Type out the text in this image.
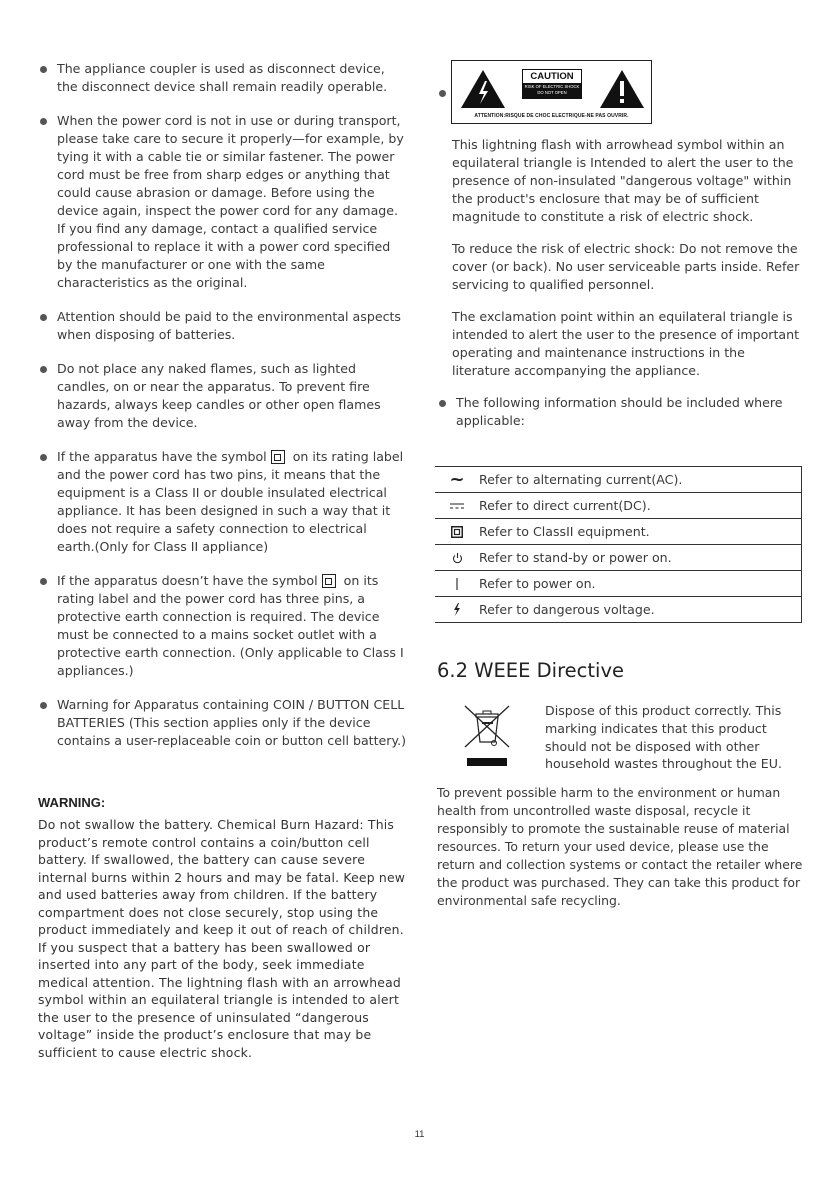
The appliance coupler is used as disconnect device, the disconnect device shall remain readily operable.
When the power cord is not in use or during transport, please take care to secure it properly—for example, by tying it with a cable tie or similar fastener. The power cord must be free from sharp edges or anything that could cause abrasion or damage. Before using the device again, inspect the power cord for any damage. If you find any damage, contact a qualified service professional to replace it with a power cord specified by the manufacturer or one with the same characteristics as the original.
Attention should be paid to the environmental aspects when disposing of batteries.
Do not place any naked flames, such as lighted candles, on or near the apparatus. To prevent fire hazards, always keep candles or other open flames away from the device.
If the apparatus have the symbol on its rating label and the power cord has two pins, it means that the equipment is a Class II or double insulated electrical appliance. It has been designed in such a way that it does not require a safety connection to electrical earth.(Only for Class II appliance)
If the apparatus doesn’t have the symbol on its rating label and the power cord has three pins, a protective earth connection is required. The device must be connected to a mains socket outlet with a protective earth connection. (Only applicable to Class I appliances.)
Warning for Apparatus containing COIN / BUTTON CELL BATTERIES (This section applies only if the device contains a user-replaceable coin or button cell battery.)
WARNING:
Do not swallow the battery. Chemical Burn Hazard: This product’s remote control contains a coin/button cell battery. If swallowed, the battery can cause severe internal burns within 2 hours and may be fatal. Keep new and used batteries away from children. If the battery compartment does not close securely, stop using the product immediately and keep it out of reach of children. If you suspect that a battery has been swallowed or inserted into any part of the body, seek immediate medical attention. The lightning flash with an arrowhead symbol within an equilateral triangle is intended to alert the user to the presence of uninsulated “dangerous voltage” inside the product’s enclosure that may be sufficient to cause electric shock.
CAUTION
RISK OF ELECTRIC SHOCK
DO NOT OPEN
ATTENTION:RISQUE DE CHOC ELECTRIQUE-NE PAS OUVRIR.
This lightning flash with arrowhead symbol within an equilateral triangle is Intended to alert the user to the presence of non-insulated "dangerous voltage" within the product's enclosure that may be of sufficient magnitude to constitute a risk of electric shock.
To reduce the risk of electric shock: Do not remove the cover (or back). No user serviceable parts inside. Refer servicing to qualified personnel.
The exclamation point within an equilateral triangle is intended to alert the user to the presence of important operating and maintenance instructions in the literature accompanying the appliance.
The following information should be included where applicable:
~	Refer to alternating current(AC).
Refer to direct current(DC).
Refer to ClassII equipment.
Refer to stand-by or power on.
Refer to power on.
Refer to dangerous voltage.
6.2 WEEE Directive
Dispose of this product correctly. This marking indicates that this product should not be disposed with other household wastes throughout the EU.
To prevent possible harm to the environment or human health from uncontrolled waste disposal, recycle it responsibly to promote the sustainable reuse of material resources. To return your used device, please use the return and collection systems or contact the retailer where the product was purchased. They can take this product for environmental safe recycling.
11
